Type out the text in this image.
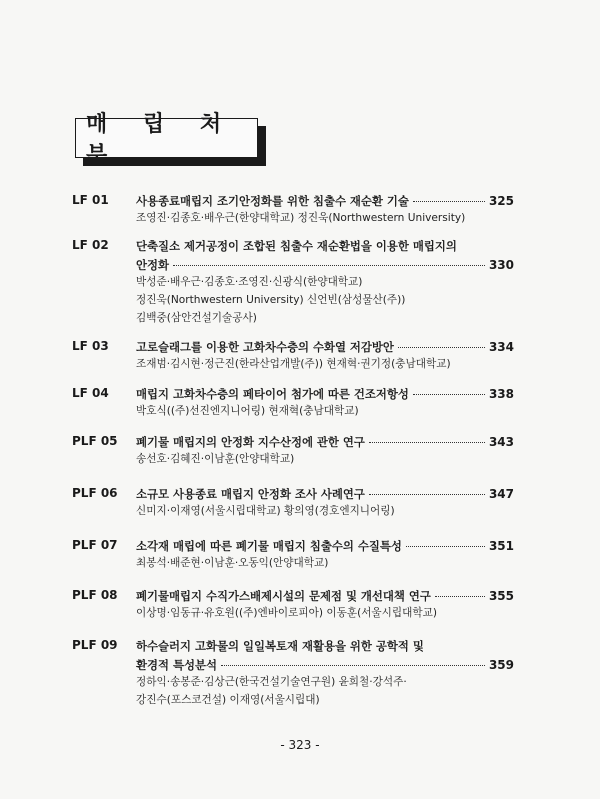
매 립 처 분
LF 01	사용종료매립지 조기안정화를 위한 침출수 재순환 기술	325
조영진·김종호·배우근(한양대학교) 정진욱(Northwestern University)
LF 02	단축질소 제거공정이 조합된 침출수 재순환법을 이용한 매립지의
안정화	330
박성준·배우근·김종호·조영진·신광식(한양대학교)
정진욱(Northwestern University) 신언빈(삼성물산(주))
김백중(삼안건설기술공사)
LF 03	고로슬래그를 이용한 고화차수층의 수화열 저감방안	334
조재범·김시현·정근진(한라산업개발(주)) 현재혁·권기정(충남대학교)
LF 04	매립지 고화차수층의 페타이어 첨가에 따른 건조저항성	338
박호식((주)선진엔지니어링) 현재혁(충남대학교)
PLF 05	폐기물 매립지의 안정화 지수산정에 관한 연구	343
송선호·김혜진·이남훈(안양대학교)
PLF 06	소규모 사용종료 매립지 안정화 조사 사례연구	347
신미지·이재영(서울시립대학교) 황의영(경호엔지니어링)
PLF 07	소각재 매립에 따른 폐기물 매립지 침출수의 수질특성	351
최봉석·배준현·이남훈·오동익(안양대학교)
PLF 08	폐기물매립지 수직가스배제시설의 문제점 및 개선대책 연구	355
이상명·임동규·유호원((주)엔바이로피아) 이동훈(서울시립대학교)
PLF 09	하수슬러지 고화물의 일일복토재 재활용을 위한 공학적 및
환경적 특성분석	359
정하익·송봉준·김상근(한국건설기술연구원) 윤희철·강석주·
강진수(포스코건설) 이재영(서울시립대)
- 323 -
